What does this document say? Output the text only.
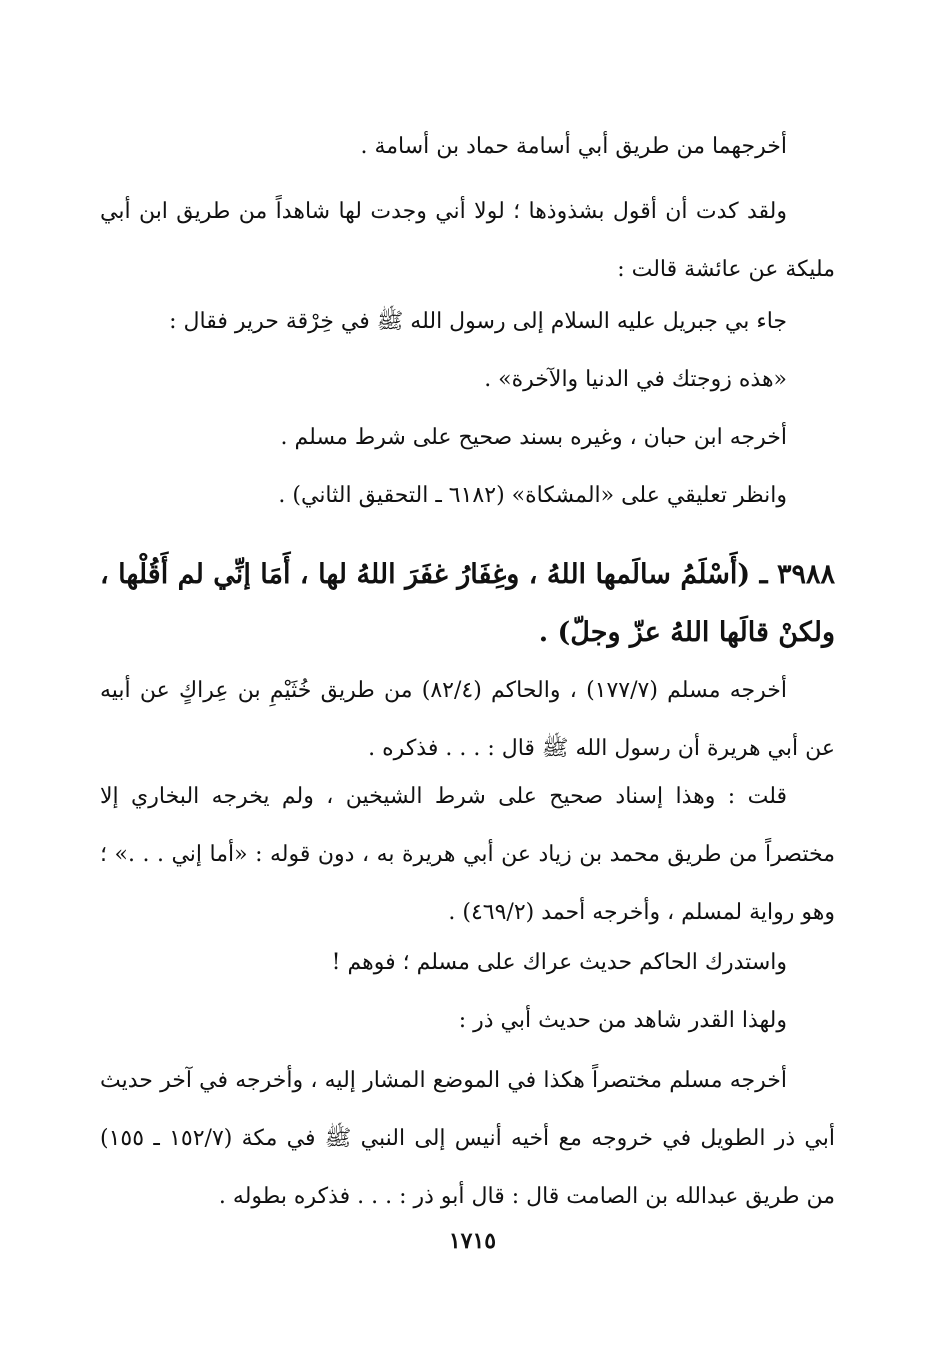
أخرجهما من طريق أبي أسامة حماد بن أسامة .

ولقد كدت أن أقول بشذوذها ؛ لولا أني وجدت لها شاهداً من طريق ابن أبي مليكة عن عائشة قالت :

جاء بي جبريل عليه السلام إلى رسول الله ﷺ في خِرْقة حرير فقال :

«هذه زوجتك في الدنيا والآخرة» .

أخرجه ابن حبان ، وغيره بسند صحيح على شرط مسلم .

وانظر تعليقي على «المشكاة» (٦١٨٢ ـ التحقيق الثاني) .

٣٩٨٨ ـ (أَسْلَمُ سالَمها اللهُ ، وغِفَارُ غفَرَ اللهُ لها ، أَمَا إنِّي لم أَقُلْها ، ولكنْ قالَها اللهُ عزّ وجلّ) .

أخرجه مسلم (١٧٧/٧) ، والحاكم (٨٢/٤) من طريق خُثَيْمِ بن عِراكٍ عن أبيه عن أبي هريرة أن رسول الله ﷺ قال : . . . فذكره .

قلت : وهذا إسناد صحيح على شرط الشيخين ، ولم يخرجه البخاري إلا مختصراً من طريق محمد بن زياد عن أبي هريرة به ، دون قوله : «أما إني . . .» ؛ وهو رواية لمسلم ، وأخرجه أحمد (٤٦٩/٢) .

واستدرك الحاكم حديث عراك على مسلم ؛ فوهم !

ولهذا القدر شاهد من حديث أبي ذر :

أخرجه مسلم مختصراً هكذا في الموضع المشار إليه ، وأخرجه في آخر حديث أبي ذر الطويل في خروجه مع أخيه أنيس إلى النبي ﷺ في مكة (١٥٢/٧ ـ ١٥٥) من طريق عبدالله بن الصامت قال : قال أبو ذر : . . . فذكره بطوله .

١٧١٥
